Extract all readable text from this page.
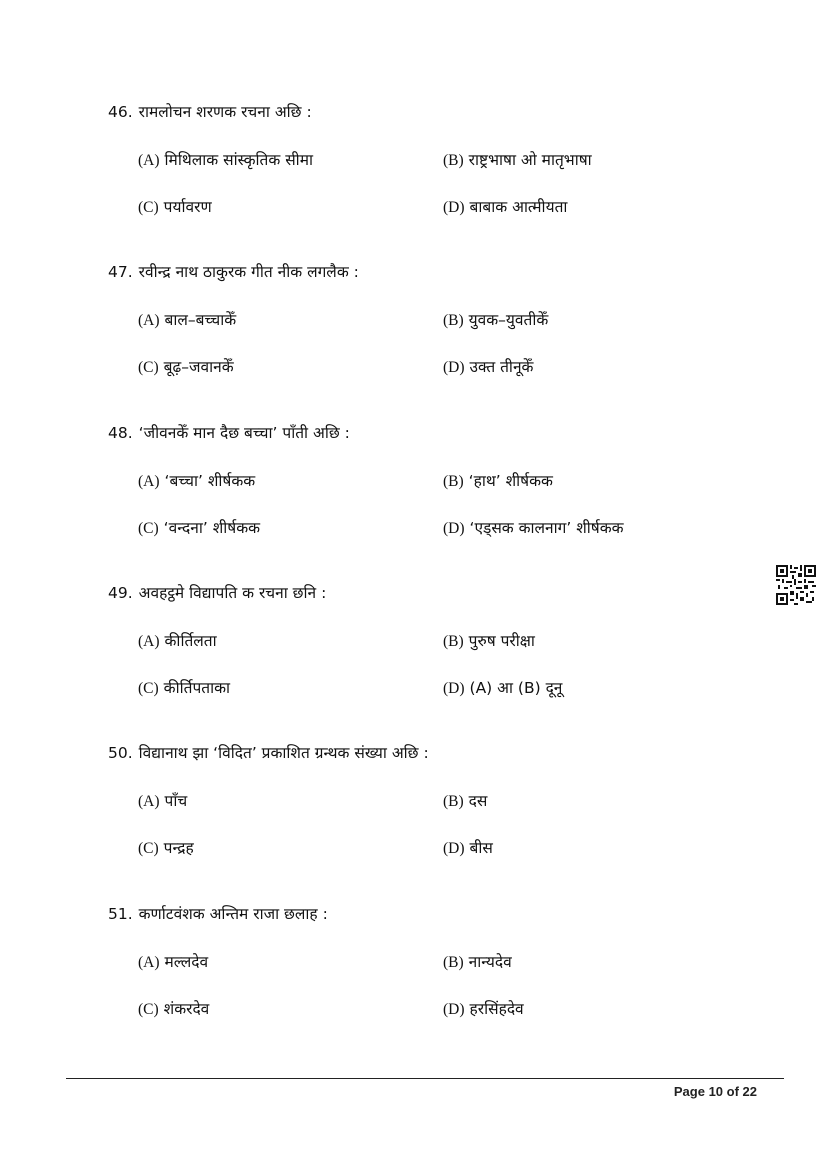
46. रामलोचन शरणक रचना अछि :
(A) मिथिलाक सांस्कृतिक सीमा	(B) राष्ट्रभाषा ओ मातृभाषा
(C) पर्यावरण	(D) बाबाक आत्मीयता
47. रवीन्द्र नाथ ठाकुरक गीत नीक लगलैक :
(A) बाल–बच्चाकेँ	(B) युवक–युवतीकेँ
(C) बूढ़–जवानकेँ	(D) उक्त तीनूकेँ
48. ‘जीवनकेँ मान दैछ बच्चा’ पाँती अछि :
(A) ‘बच्चा’ शीर्षकक	(B) ‘हाथ’ शीर्षकक
(C) ‘वन्दना’ शीर्षकक	(D) ‘एड्सक कालनाग’ शीर्षकक
49. अवहट्ठमे विद्यापति क रचना छनि :
(A) कीर्तिलता	(B) पुरुष परीक्षा
(C) कीर्तिपताका	(D) (A) आ (B) दूनू
50. विद्यानाथ झा ‘विदित’ प्रकाशित ग्रन्थक संख्या अछि :
(A) पाँच	(B) दस
(C) पन्द्रह	(D) बीस
51. कर्णाटवंशक अन्तिम राजा छलाह :
(A) मल्लदेव	(B) नान्यदेव
(C) शंकरदेव	(D) हरसिंहदेव
Page 10 of 22
